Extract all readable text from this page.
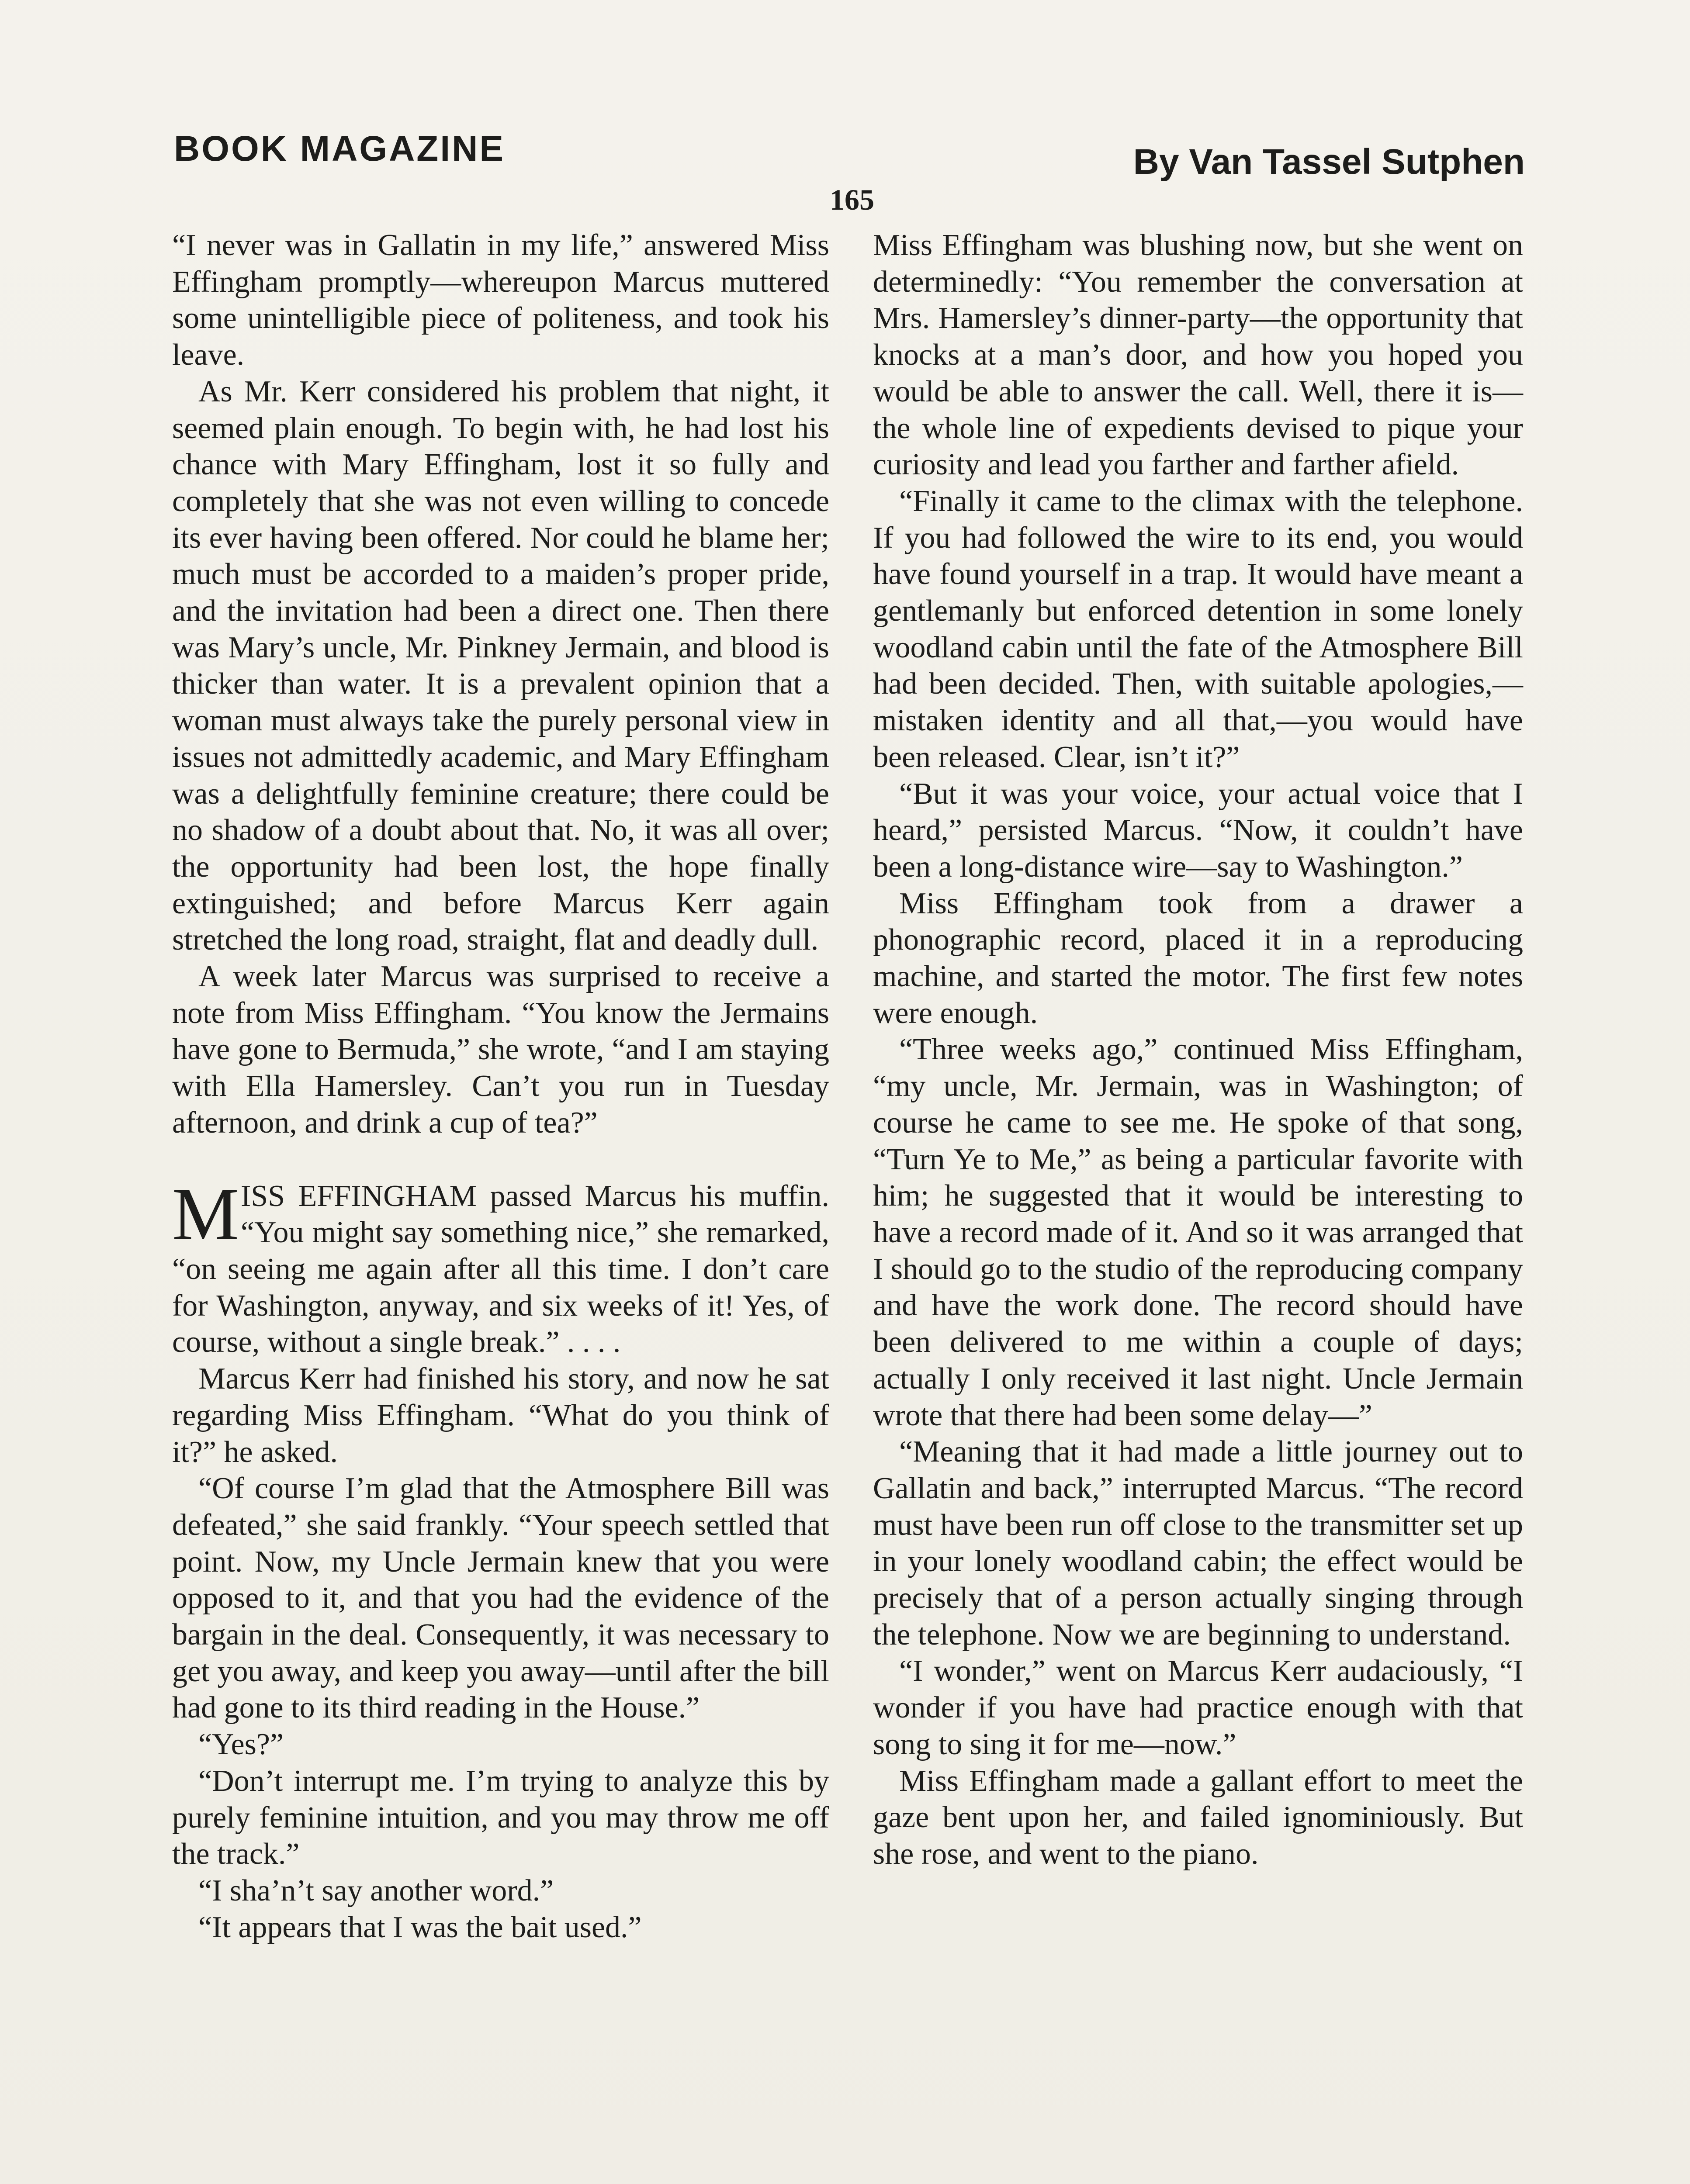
BOOK MAGAZINE	By Van Tassel Sutphen
165

“I never was in Gallatin in my life,” answered Miss Effingham promptly—whereupon Marcus muttered some unintelligible piece of politeness, and took his leave.

As Mr. Kerr considered his problem that night, it seemed plain enough. To begin with, he had lost his chance with Mary Effingham, lost it so fully and completely that she was not even willing to concede its ever having been offered. Nor could he blame her; much must be accorded to a maiden’s proper pride, and the invitation had been a direct one. Then there was Mary’s uncle, Mr. Pinkney Jermain, and blood is thicker than water. It is a prevalent opinion that a woman must always take the purely personal view in issues not admittedly academic, and Mary Effingham was a delightfully feminine creature; there could be no shadow of a doubt about that. No, it was all over; the opportunity had been lost, the hope finally extinguished; and before Marcus Kerr again stretched the long road, straight, flat and deadly dull.

A week later Marcus was surprised to receive a note from Miss Effingham. “You know the Jermains have gone to Bermuda,” she wrote, “and I am staying with Ella Hamersley. Can’t you run in Tuesday afternoon, and drink a cup of tea?”

MISS EFFINGHAM passed Marcus his muffin. “You might say something nice,” she remarked, “on seeing me again after all this time. I don’t care for Washington, anyway, and six weeks of it! Yes, of course, without a single break.” . . . .

Marcus Kerr had finished his story, and now he sat regarding Miss Effingham. “What do you think of it?” he asked.

“Of course I’m glad that the Atmosphere Bill was defeated,” she said frankly. “Your speech settled that point. Now, my Uncle Jermain knew that you were opposed to it, and that you had the evidence of the bargain in the deal. Consequently, it was necessary to get you away, and keep you away—until after the bill had gone to its third reading in the House.”

“Yes?”

“Don’t interrupt me. I’m trying to analyze this by purely feminine intuition, and you may throw me off the track.”

“I sha’n’t say another word.”

“It appears that I was the bait used.”

Miss Effingham was blushing now, but she went on determinedly: “You remember the conversation at Mrs. Hamersley’s dinner-party—the opportunity that knocks at a man’s door, and how you hoped you would be able to answer the call. Well, there it is—the whole line of expedients devised to pique your curiosity and lead you farther and farther afield.

“Finally it came to the climax with the telephone. If you had followed the wire to its end, you would have found yourself in a trap. It would have meant a gentlemanly but enforced detention in some lonely woodland cabin until the fate of the Atmosphere Bill had been decided. Then, with suitable apologies,—mistaken identity and all that,—you would have been released. Clear, isn’t it?”

“But it was your voice, your actual voice that I heard,” persisted Marcus. “Now, it couldn’t have been a long-distance wire—say to Washington.”

Miss Effingham took from a drawer a phonographic record, placed it in a reproducing machine, and started the motor. The first few notes were enough.

“Three weeks ago,” continued Miss Effingham, “my uncle, Mr. Jermain, was in Washington; of course he came to see me. He spoke of that song, “Turn Ye to Me,” as being a particular favorite with him; he suggested that it would be interesting to have a record made of it. And so it was arranged that I should go to the studio of the reproducing company and have the work done. The record should have been delivered to me within a couple of days; actually I only received it last night. Uncle Jermain wrote that there had been some delay—”

“Meaning that it had made a little journey out to Gallatin and back,” interrupted Marcus. “The record must have been run off close to the transmitter set up in your lonely woodland cabin; the effect would be precisely that of a person actually singing through the telephone. Now we are beginning to understand.

“I wonder,” went on Marcus Kerr audaciously, “I wonder if you have had practice enough with that song to sing it for me—now.”

Miss Effingham made a gallant effort to meet the gaze bent upon her, and failed ignominiously. But she rose, and went to the piano.
